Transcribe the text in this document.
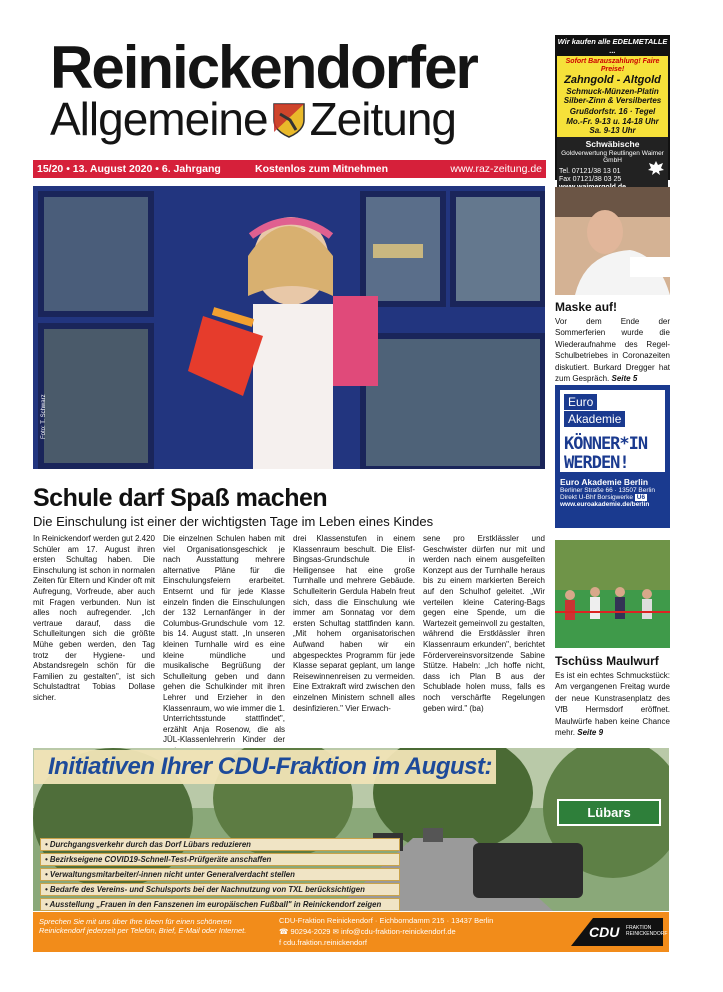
Reinickendorfer
Allgemeine Zeitung
15/20 • 13. August 2020 • 6. Jahrgang	Kostenlos zum Mitnehmen	www.raz-zeitung.de
Wir kaufen alle EDELMETALLE ...
Sofort Barauszahlung! Faire Preise!
Zahngold - Altgold
Schmuck-Münzen-Platin Silber-Zinn & Versilbertes
Grußdorfstr. 16 · Tegel
Mo.-Fr. 9-13 u. 14-18 Uhr
Sa. 9-13 Uhr
Schwäbische
Goldverwertung Reutlingen Waimer GmbH
Tel. 07121/38 13 01
Fax 07121/38 03 25
Foto: T. Schwarz
Maske auf!
Vor dem Ende der Sommerferien wurde die Wiederaufnahme des Regel-Schulbetriebes in Coronazeiten diskutiert. Burkard Dregger hat zum Gespräch. Seite 5
Euro
Akademie
KÖNNER*IN
WERDEN!
Euro Akademie Berlin
Berliner Straße 66 · 13507 Berlin
Direkt U-Bhf Borsigwerke U6
www.euroakademie.de/berlin
Tschüss Maulwurf
Es ist ein echtes Schmuckstück: Am vergangenen Freitag wurde der neue Kunstrasenplatz des VfB Hermsdorf eröffnet. Maulwürfe haben keine Chance mehr. Seite 9
Schule darf Spaß machen
Die Einschulung ist einer der wichtigsten Tage im Leben eines Kindes
In Reinickendorf werden gut 2.420 Schüler am 17. August ihren ersten Schultag haben. Die Einschulung ist schon in normalen Zeiten für Eltern und Kinder oft mit Aufregung, Vorfreude, aber auch mit Fragen verbunden. Nun ist alles noch aufregender. „Ich vertraue darauf, dass die Schulleitungen sich die größte Mühe geben werden, den Tag trotz der Hygiene- und Abstandsregeln schön für die Familien zu gestalten", ist sich Schulstadtrat Tobias Dollase sicher.
Die einzelnen Schulen haben mit viel Organisationsgeschick je nach Ausstattung mehrere alternative Pläne für die Einschulungsfeiern erarbeitet. Entsernt und für jede Klasse einzeln finden die Einschulungen der 132 Lernanfänger in der Columbus-Grundschule vom 12. bis 14. August statt. „In unseren kleinen Turnhalle wird es eine kleine mündliche und musikalische Begrüßung der Schulleitung geben und dann gehen die Schulkinder mit ihren Lehrer und Erzieher in den Klassenraum, wo wie immer die 1. Unterrichtsstunde stattfindet", erzählt Anja Rosenow, die als JÜL-Klassenlehrerin Kinder der
drei Klassenstufen in einem Klassenraum beschult. Die Elisf-Bingsas-Grundschule in Heiligensee hat eine große Turnhalle und mehrere Gebäude. Schulleiterin Gerdula Habeln freut sich, dass die Einschulung wie immer am Sonnatag vor dem ersten Schultag stattfinden kann. „Mit hohem organisatorischen Aufwand haben wir ein abgespecktes Programm für jede Klasse separat geplant, um lange Reisewinnenreisen zu vermeiden. Eine Extrakraft wird zwischen den einzelnen Ministern schnell alles desinfizieren." Vier Erwach-
sene pro Erstklässler und Geschwister dürfen nur mit und werden nach einem ausgefeilten Konzept aus der Turnhalle heraus bis zu einem markierten Bereich auf den Schulhof geleitet. „Wir verteilen kleine Catering-Bags gegen eine Spende, um die Wartezeit gemeinvoll zu gestalten, während die Erstklässler ihren Klassenraum erkunden", berichtet Fördervereinsvorsitzende Sabine Stütze. Habeln: „Ich hoffe nicht, dass ich Plan B aus der Schublade holen muss, falls es noch verschärfte Regelungen geben wird." (ba)
Initiativen Ihrer CDU-Fraktion im August:
Lübars
• Durchgangsverkehr durch das Dorf Lübars reduzieren
• Bezirkseigene COVID19-Schnell-Test-Prüfgeräte anschaffen
• Verwaltungsmitarbeiter/-innen nicht unter Generalverdacht stellen
• Bedarfe des Vereins- und Schulsports bei der Nachnutzung von TXL berücksichtigen
• Ausstellung „Frauen in den Fanszenen im europäischen Fußball" in Reinickendorf zeigen
Sprechen Sie mit uns über Ihre Ideen für einen schöneren Reinickendorf jederzeit per Telefon, Brief, E-Mail oder Internet.
CDU-Fraktion Reinickendorf · Eichborndamm 215 · 13437 Berlin
☎ 90294-2029 ✉ info@cdu-fraktion-reinickendorf.de
f cdu.fraktion.reinickendorf
CDU FRAKTION
REINICKENDORF
